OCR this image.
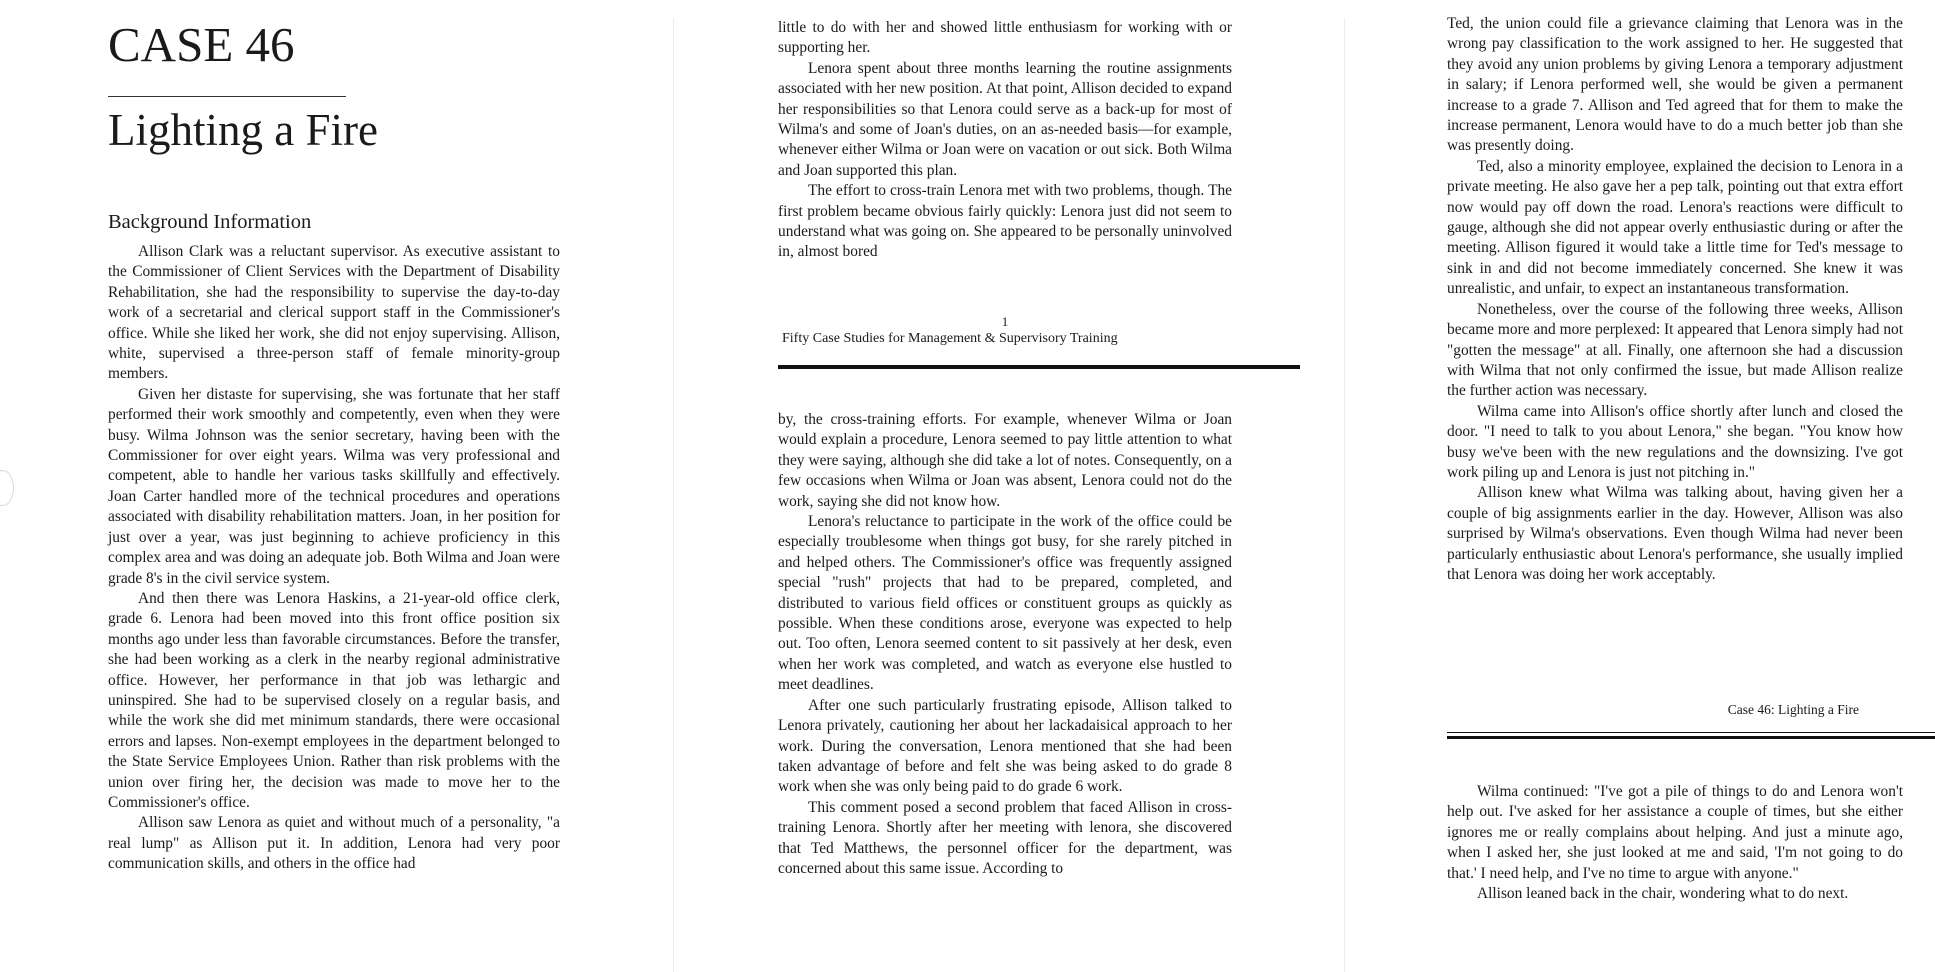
CASE 46
Lighting a Fire
Background Information

Allison Clark was a reluctant supervisor. As executive assistant to the Commissioner of Client Services with the Department of Disability Rehabilitation, she had the responsibility to supervise the day-to-day work of a secretarial and clerical support staff in the Commissioner's office. While she liked her work, she did not enjoy supervising. Allison, white, supervised a three-person staff of female minority-group members.

Given her distaste for supervising, she was fortunate that her staff performed their work smoothly and competently, even when they were busy. Wilma Johnson was the senior secretary, having been with the Commissioner for over eight years. Wilma was very professional and competent, able to handle her various tasks skillfully and effectively. Joan Carter handled more of the technical procedures and operations associated with disability rehabilitation matters. Joan, in her position for just over a year, was just beginning to achieve proficiency in this complex area and was doing an adequate job. Both Wilma and Joan were grade 8's in the civil service system.

And then there was Lenora Haskins, a 21-year-old office clerk, grade 6. Lenora had been moved into this front office position six months ago under less than favorable circumstances. Before the transfer, she had been working as a clerk in the nearby regional administrative office. However, her performance in that job was lethargic and uninspired. She had to be supervised closely on a regular basis, and while the work she did met minimum standards, there were occasional errors and lapses. Non-exempt employees in the department belonged to the State Service Employees Union. Rather than risk problems with the union over firing her, the decision was made to move her to the Commissioner's office.

Allison saw Lenora as quiet and without much of a personality, "a real lump" as Allison put it. In addition, Lenora had very poor communication skills, and others in the office had

little to do with her and showed little enthusiasm for working with or supporting her.

Lenora spent about three months learning the routine assignments associated with her new position. At that point, Allison decided to expand her responsibilities so that Lenora could serve as a back-up for most of Wilma's and some of Joan's duties, on an as-needed basis—for example, whenever either Wilma or Joan were on vacation or out sick. Both Wilma and Joan supported this plan.

The effort to cross-train Lenora met with two problems, though. The first problem became obvious fairly quickly: Lenora just did not seem to understand what was going on. She appeared to be personally uninvolved in, almost bored

1
Fifty Case Studies for Management & Supervisory Training

by, the cross-training efforts. For example, whenever Wilma or Joan would explain a procedure, Lenora seemed to pay little attention to what they were saying, although she did take a lot of notes. Consequently, on a few occasions when Wilma or Joan was absent, Lenora could not do the work, saying she did not know how.

Lenora's reluctance to participate in the work of the office could be especially troublesome when things got busy, for she rarely pitched in and helped others. The Commissioner's office was frequently assigned special "rush" projects that had to be prepared, completed, and distributed to various field offices or constituent groups as quickly as possible. When these conditions arose, everyone was expected to help out. Too often, Lenora seemed content to sit passively at her desk, even when her work was completed, and watch as everyone else hustled to meet deadlines.

After one such particularly frustrating episode, Allison talked to Lenora privately, cautioning her about her lackadaisical approach to her work. During the conversation, Lenora mentioned that she had been taken advantage of before and felt she was being asked to do grade 8 work when she was only being paid to do grade 6 work.

This comment posed a second problem that faced Allison in cross-training Lenora. Shortly after her meeting with lenora, she discovered that Ted Matthews, the personnel officer for the department, was concerned about this same issue. According to

Ted, the union could file a grievance claiming that Lenora was in the wrong pay classification to the work assigned to her. He suggested that they avoid any union problems by giving Lenora a temporary adjustment in salary; if Lenora performed well, she would be given a permanent increase to a grade 7. Allison and Ted agreed that for them to make the increase permanent, Lenora would have to do a much better job than she was presently doing.

Ted, also a minority employee, explained the decision to Lenora in a private meeting. He also gave her a pep talk, pointing out that extra effort now would pay off down the road. Lenora's reactions were difficult to gauge, although she did not appear overly enthusiastic during or after the meeting. Allison figured it would take a little time for Ted's message to sink in and did not become immediately concerned. She knew it was unrealistic, and unfair, to expect an instantaneous transformation.

Nonetheless, over the course of the following three weeks, Allison became more and more perplexed: It appeared that Lenora simply had not "gotten the message" at all. Finally, one afternoon she had a discussion with Wilma that not only confirmed the issue, but made Allison realize the further action was necessary.

Wilma came into Allison's office shortly after lunch and closed the door. "I need to talk to you about Lenora," she began. "You know how busy we've been with the new regulations and the downsizing. I've got work piling up and Lenora is just not pitching in."

Allison knew what Wilma was talking about, having given her a couple of big assignments earlier in the day. However, Allison was also surprised by Wilma's observations. Even though Wilma had never been particularly enthusiastic about Lenora's performance, she usually implied that Lenora was doing her work acceptably.

Case 46: Lighting a Fire

Wilma continued: "I've got a pile of things to do and Lenora won't help out. I've asked for her assistance a couple of times, but she either ignores me or really complains about helping. And just a minute ago, when I asked her, she just looked at me and said, 'I'm not going to do that.' I need help, and I've no time to argue with anyone."

Allison leaned back in the chair, wondering what to do next.
